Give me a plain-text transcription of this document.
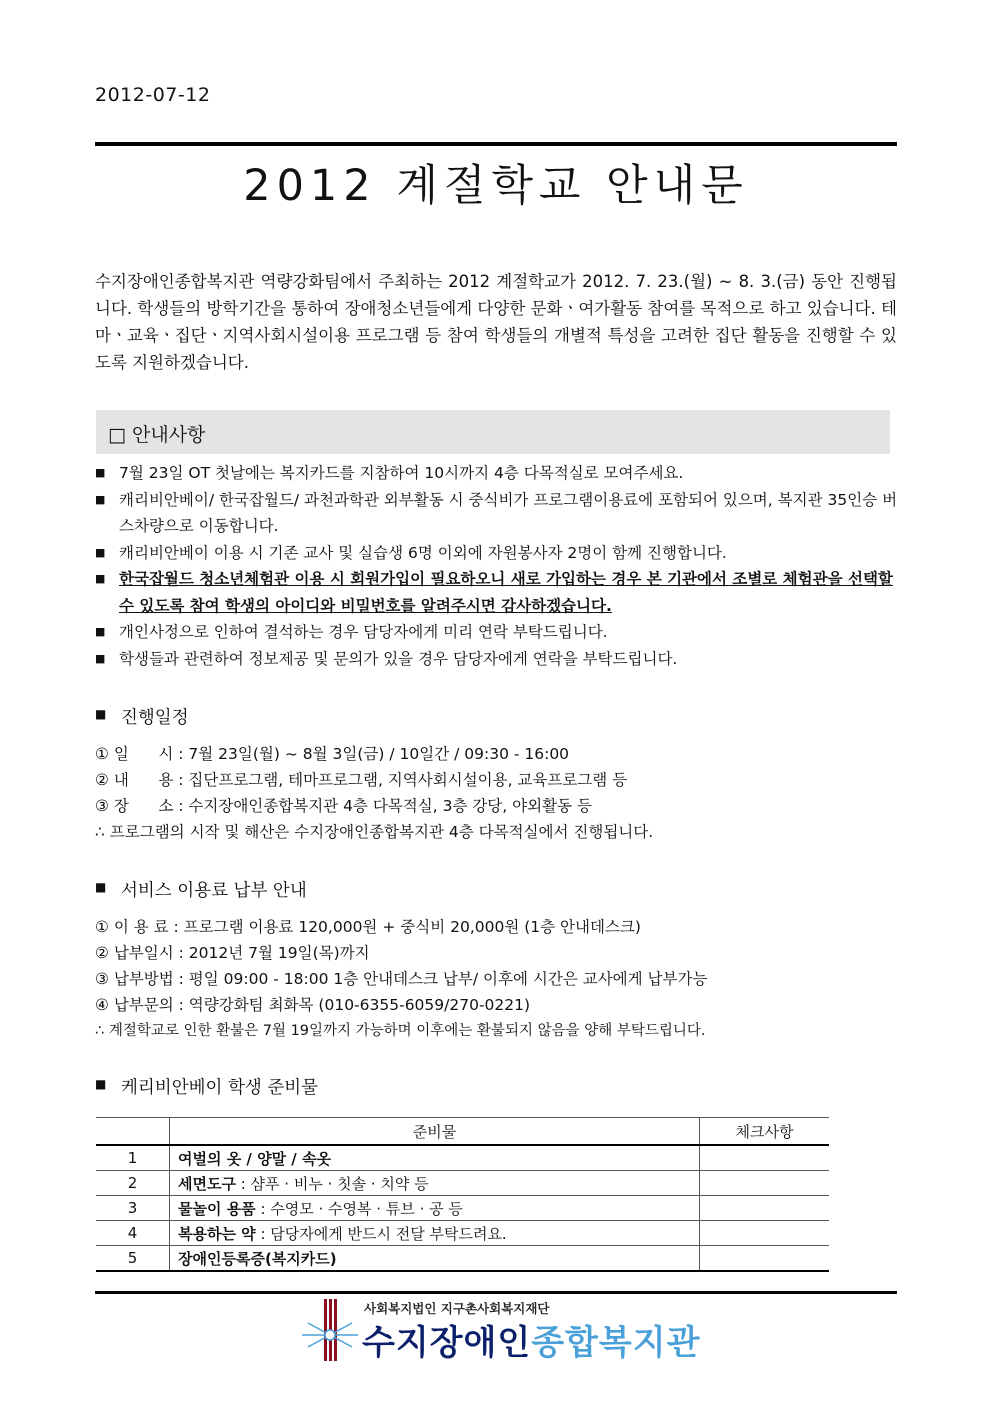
2012-07-12
2012 계절학교 안내문
수지장애인종합복지관 역량강화팀에서 주최하는 2012 계절학교가 2012. 7. 23.(월) ~ 8. 3.(금) 동안 진행됩니다. 학생들의 방학기간을 통하여 장애청소년들에게 다양한 문화ㆍ여가활동 참여를 목적으로 하고 있습니다. 테마ㆍ교육ㆍ집단ㆍ지역사회시설이용 프로그램 등 참여 학생들의 개별적 특성을 고려한 집단 활동을 진행할 수 있도록 지원하겠습니다.
□ 안내사항
■ 7월 23일 OT 첫날에는 복지카드를 지참하여 10시까지 4층 다목적실로 모여주세요.
■ 캐리비안베이/ 한국잡월드/ 과천과학관 외부활동 시 중식비가 프로그램이용료에 포함되어 있으며, 복지관 35인승 버스차량으로 이동합니다.
■ 캐리비안베이 이용 시 기존 교사 및 실습생 6명 이외에 자원봉사자 2명이 함께 진행합니다.
■ 한국잡월드 청소년체험관 이용 시 회원가입이 필요하오니 새로 가입하는 경우 본 기관에서 조별로 체험관을 선택할 수 있도록 참여 학생의 아이디와 비밀번호를 알려주시면 감사하겠습니다.
■ 개인사정으로 인하여 결석하는 경우 담당자에게 미리 연락 부탁드립니다.
■ 학생들과 관련하여 정보제공 및 문의가 있을 경우 담당자에게 연락을 부탁드립니다.
■ 진행일정
① 일      시 : 7월 23일(월) ~ 8월 3일(금) / 10일간 / 09:30 - 16:00
② 내      용 : 집단프로그램, 테마프로그램, 지역사회시설이용, 교육프로그램 등
③ 장      소 : 수지장애인종합복지관 4층 다목적실, 3층 강당, 야외활동 등
∴ 프로그램의 시작 및 해산은 수지장애인종합복지관 4층 다목적실에서 진행됩니다.
■ 서비스 이용료 납부 안내
① 이 용 료 : 프로그램 이용료 120,000원 + 중식비 20,000원 (1층 안내데스크)
② 납부일시 : 2012년 7월 19일(목)까지
③ 납부방법 : 평일 09:00 - 18:00 1층 안내데스크 납부/ 이후에 시간은 교사에게 납부가능
④ 납부문의 : 역량강화팀 최화목 (010-6355-6059/270-0221)
∴ 계절학교로 인한 환불은 7월 19일까지 가능하며 이후에는 환불되지 않음을 양해 부탁드립니다.
■ 케리비안베이 학생 준비물
	준비물	체크사항
1	여벌의 옷 / 양말 / 속옷	
2	세면도구 : 샴푸 · 비누 · 칫솔 · 치약 등	
3	물놀이 용품 : 수영모 · 수영복 · 튜브 · 공 등	
4	복용하는 약 : 담당자에게 반드시 전달 부탁드려요.	
5	장애인등록증(복지카드)	
사회복지법인 지구촌사회복지재단
수지장애인종합복지관
